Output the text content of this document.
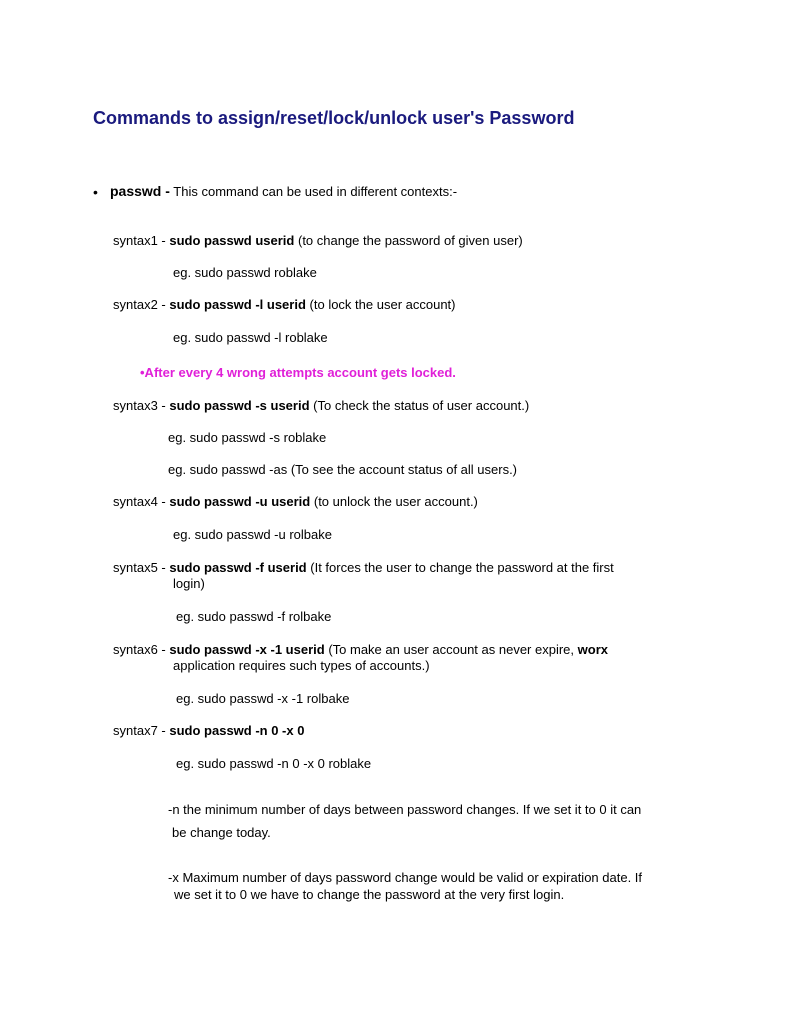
Commands to assign/reset/lock/unlock user's Password
• passwd - This command can be used in different contexts:-
syntax1 - sudo passwd userid (to change the password of given user)
eg. sudo passwd roblake
syntax2 - sudo passwd -l userid (to lock the user account)
eg. sudo passwd -l roblake
•After every 4 wrong attempts account gets locked.
syntax3 - sudo passwd -s userid (To check the status of user account.)
eg. sudo passwd -s roblake
eg. sudo passwd -as (To see the account status of all users.)
syntax4 - sudo passwd -u userid (to unlock the user account.)
eg. sudo passwd -u rolbake
syntax5 - sudo passwd -f userid (It forces the user to change the password at the first
login)
eg. sudo passwd -f rolbake
syntax6 - sudo passwd -x -1 userid (To make an user account as never expire, worx
application requires such types of accounts.)
eg. sudo passwd -x -1 rolbake
syntax7 - sudo passwd -n 0 -x 0
eg. sudo passwd -n 0 -x 0 roblake
-n the minimum number of days between password changes. If we set it to 0 it can
be change today.
-x Maximum number of days password change would be valid or expiration date. If
we set it to 0 we have to change the password at the very first login.
